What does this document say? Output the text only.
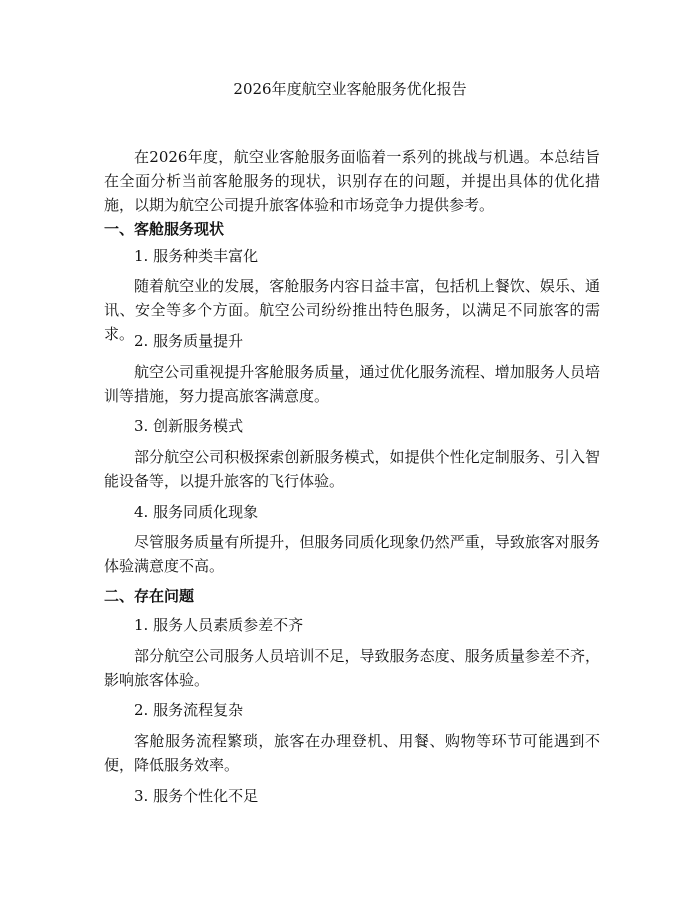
2026年度航空业客舱服务优化报告

在2026年度，航空业客舱服务面临着一系列的挑战与机遇。本总结旨在全面分析当前客舱服务的现状，识别存在的问题，并提出具体的优化措施，以期为航空公司提升旅客体验和市场竞争力提供参考。

一、客舱服务现状

1. 服务种类丰富化

随着航空业的发展，客舱服务内容日益丰富，包括机上餐饮、娱乐、通讯、安全等多个方面。航空公司纷纷推出特色服务，以满足不同旅客的需求。 2. 服务质量提升

航空公司重视提升客舱服务质量，通过优化服务流程、增加服务人员培训等措施，努力提高旅客满意度。

3. 创新服务模式

部分航空公司积极探索创新服务模式，如提供个性化定制服务、引入智能设备等，以提升旅客的飞行体验。

4. 服务同质化现象

尽管服务质量有所提升，但服务同质化现象仍然严重，导致旅客对服务体验满意度不高。

二、存在问题

1. 服务人员素质参差不齐

部分航空公司服务人员培训不足，导致服务态度、服务质量参差不齐，影响旅客体验。

2. 服务流程复杂

客舱服务流程繁琐，旅客在办理登机、用餐、购物等环节可能遇到不便，降低服务效率。

3. 服务个性化不足
